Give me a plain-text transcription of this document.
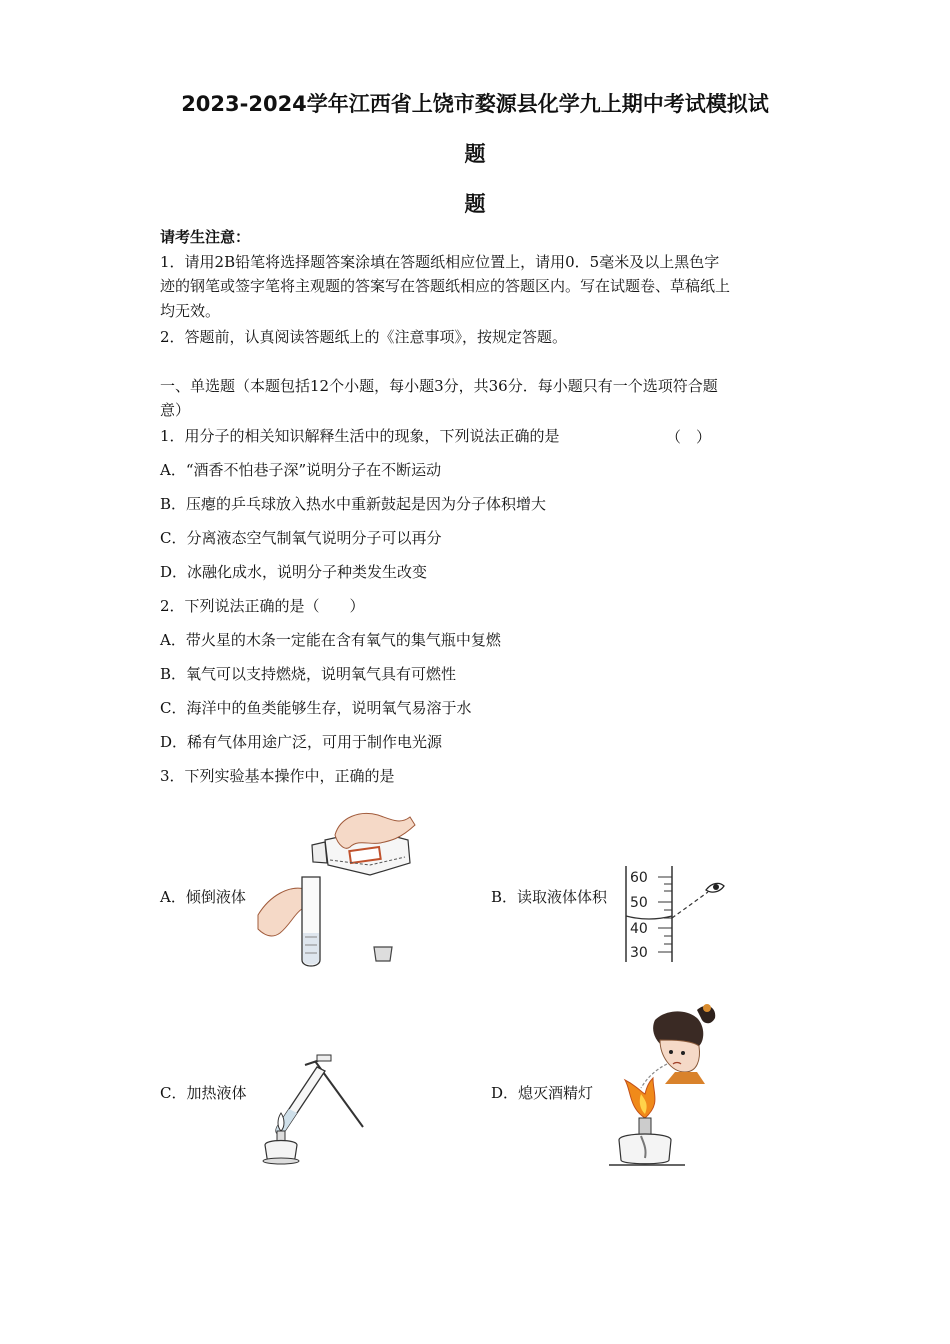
2023-2024学年江西省上饶市婺源县化学九上期中考试模拟试
题
题
请考生注意：
1．请用2B铅笔将选择题答案涂填在答题纸相应位置上，请用0．5毫米及以上黑色字
迹的钢笔或签字笔将主观题的答案写在答题纸相应的答题区内。写在试题卷、草稿纸上
均无效。
2．答题前，认真阅读答题纸上的《注意事项》，按规定答题。
一、单选题（本题包括12个小题，每小题3分，共36分．每小题只有一个选项符合题
意）
1．用分子的相关知识解释生活中的现象，下列说法正确的是	（　）
A．“酒香不怕巷子深”说明分子在不断运动
B．压瘪的乒乓球放入热水中重新鼓起是因为分子体积增大
C．分离液态空气制氧气说明分子可以再分
D．冰融化成水，说明分子种类发生改变
2．下列说法正确的是（　　）
A．带火星的木条一定能在含有氧气的集气瓶中复燃
B．氧气可以支持燃烧，说明氧气具有可燃性
C．海洋中的鱼类能够生存，说明氧气易溶于水
D．稀有气体用途广泛，可用于制作电光源
3．下列实验基本操作中，正确的是
A．倾倒液体	B．读取液体体积
C．加热液体	D．熄灭酒精灯
60
50
40
30
